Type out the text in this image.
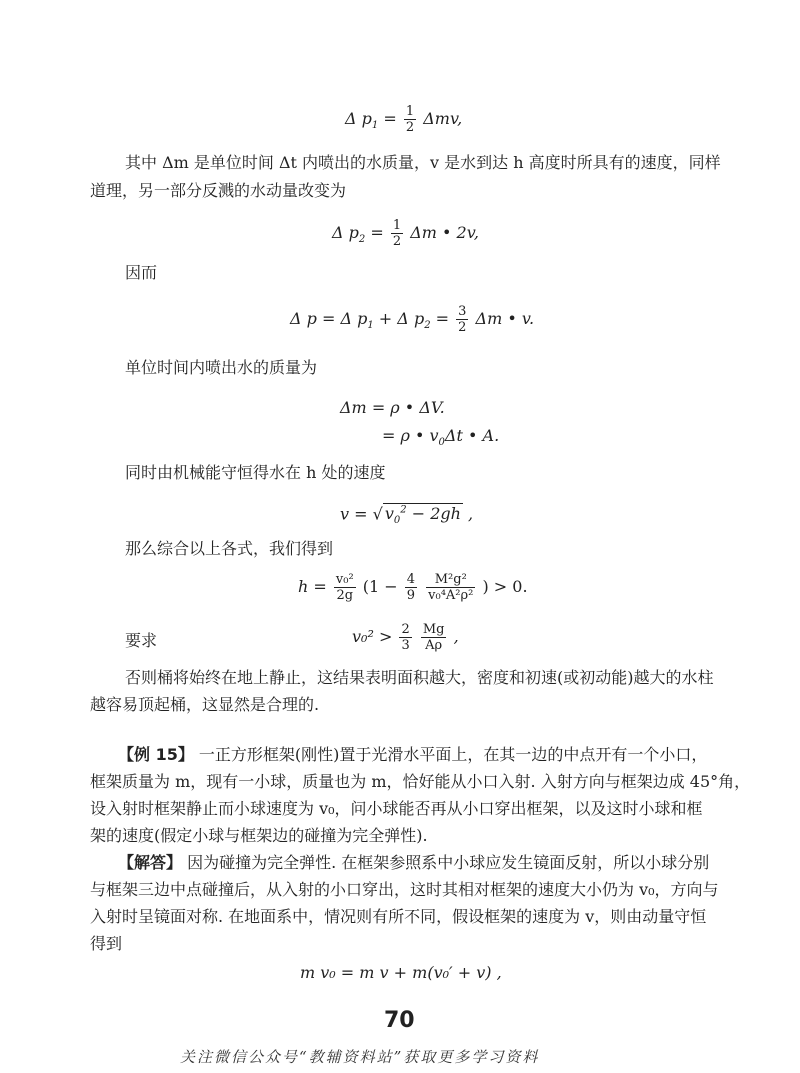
Δ $p_1 = \frac{1}{2} \Delta mv$,
其中 Δm 是单位时间 Δt 内喷出的水质量，v 是水到达 h 高度时所具有的速度，同样
道理，另一部分反溅的水动量改变为
Δ $p_2 = \frac{1}{2}$ Δm • 2v,
因而
Δ p = Δ $p_1 + \Delta$ $p_2 = \frac{3}{2}$ Δm • v.
单位时间内喷出水的质量为
Δm = ρ • ΔV.
= ρ • $v_0\Delta t$ • A.
同时由机械能守恒得水在 h 处的速度
v = √ $v_0^2 - 2gh$ ,
那么综合以上各式，我们得到
$h = \frac{\text{v₀²}}{2g} (1 - \frac{4}{9}$
$\frac{\text{M²g²}}{\text{v₀⁴A²ρ²}}$ ) > 0.
要求	$v_0^2 > \frac{2}{3}$
$\frac{Mg}{A\rho}$ ,
否则桶将始终在地上静止，这结果表明面积越大，密度和初速(或初动能)越大的水柱
越容易顶起桶，这显然是合理的.
【例 15】 一正方形框架(刚性)置于光滑水平面上，在其一边的中点开有一个小口，
框架质量为 m，现有一小球，质量也为 m，恰好能从小口入射. 入射方向与框架边成 45°角，
设入射时框架静止而小球速度为 v₀，问小球能否再从小口穿出框架，以及这时小球和框
架的速度(假定小球与框架边的碰撞为完全弹性).
【解答】 因为碰撞为完全弹性. 在框架参照系中小球应发生镜面反射，所以小球分别
与框架三边中点碰撞后，从入射的小口穿出，这时其相对框架的速度大小仍为 v₀，方向与
入射时呈镜面对称. 在地面系中，情况则有所不同，假设框架的速度为 v，则由动量守恒
得到
m v₀ = m v + m(v₀′ + v) ,
70
关注微信公众号“教辅资料站”获取更多学习资料
